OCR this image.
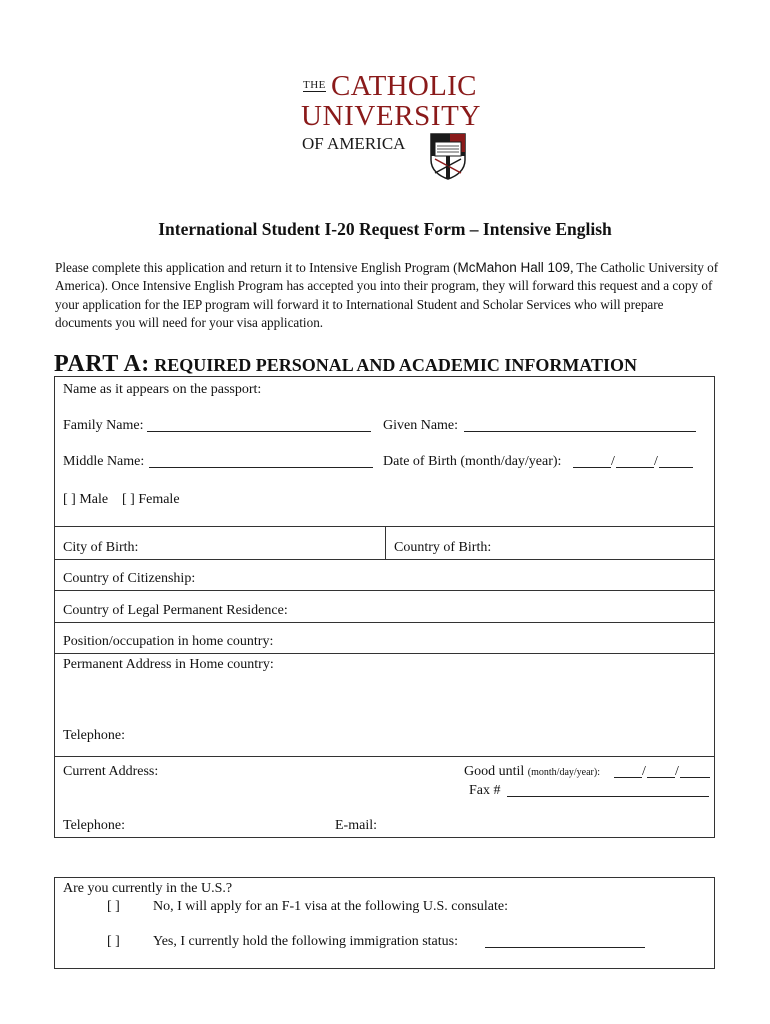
THE CATHOLIC
UNIVERSITY
OF AMERICA
International Student I-20 Request Form – Intensive English
Please complete this application and return it to Intensive English Program (McMahon Hall 109, The Catholic University of America). Once Intensive English Program has accepted you into their program, they will forward this request and a copy of your application for the IEP program will forward it to International Student and Scholar Services who will prepare documents you will need for your visa application.
PART A: REQUIRED PERSONAL AND ACADEMIC INFORMATION
Name as it appears on the passport:
Family Name:	Given Name:
Middle Name:	Date of Birth (month/day/year):	/	/
[ ] Male [ ] Female
City of Birth:	Country of Birth:
Country of Citizenship:
Country of Legal Permanent Residence:
Position/occupation in home country:
Permanent Address in Home country:
Telephone:
Current Address:	Good until (month/day/year):	/ /
Fax #
Telephone:	E-mail:
Are you currently in the U.S.?
[ ] No, I will apply for an F-1 visa at the following U.S. consulate:
[ ] Yes, I currently hold the following immigration status:
